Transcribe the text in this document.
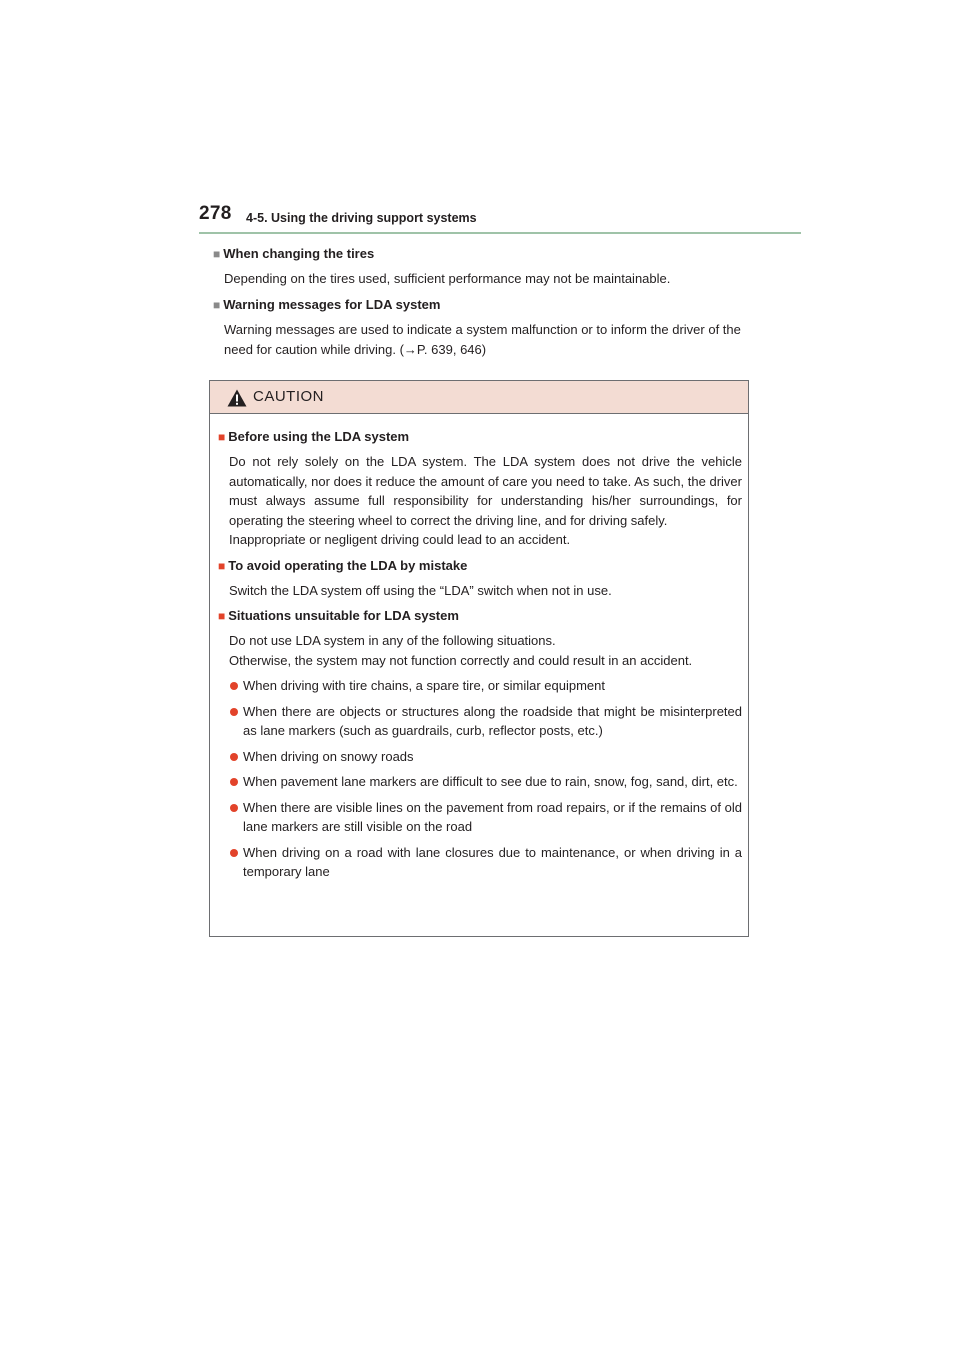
278 4-5. Using the driving support systems
■ When changing the tires
Depending on the tires used, sufficient performance may not be maintainable.
■ Warning messages for LDA system
Warning messages are used to indicate a system malfunction or to inform the driver of the need for caution while driving. (→P. 639, 646)
CAUTION
■ Before using the LDA system
Do not rely solely on the LDA system. The LDA system does not drive the vehicle automatically, nor does it reduce the amount of care you need to take. As such, the driver must always assume full responsibility for understanding his/her surroundings, for operating the steering wheel to correct the driving line, and for driving safely.
Inappropriate or negligent driving could lead to an accident.
■ To avoid operating the LDA by mistake
Switch the LDA system off using the “LDA” switch when not in use.
■ Situations unsuitable for LDA system
Do not use LDA system in any of the following situations.
Otherwise, the system may not function correctly and could result in an accident.
When driving with tire chains, a spare tire, or similar equipment
When there are objects or structures along the roadside that might be misinterpreted as lane markers (such as guardrails, curb, reflector posts, etc.)
When driving on snowy roads
When pavement lane markers are difficult to see due to rain, snow, fog, sand, dirt, etc.
When there are visible lines on the pavement from road repairs, or if the remains of old lane markers are still visible on the road
When driving on a road with lane closures due to maintenance, or when driving in a temporary lane
